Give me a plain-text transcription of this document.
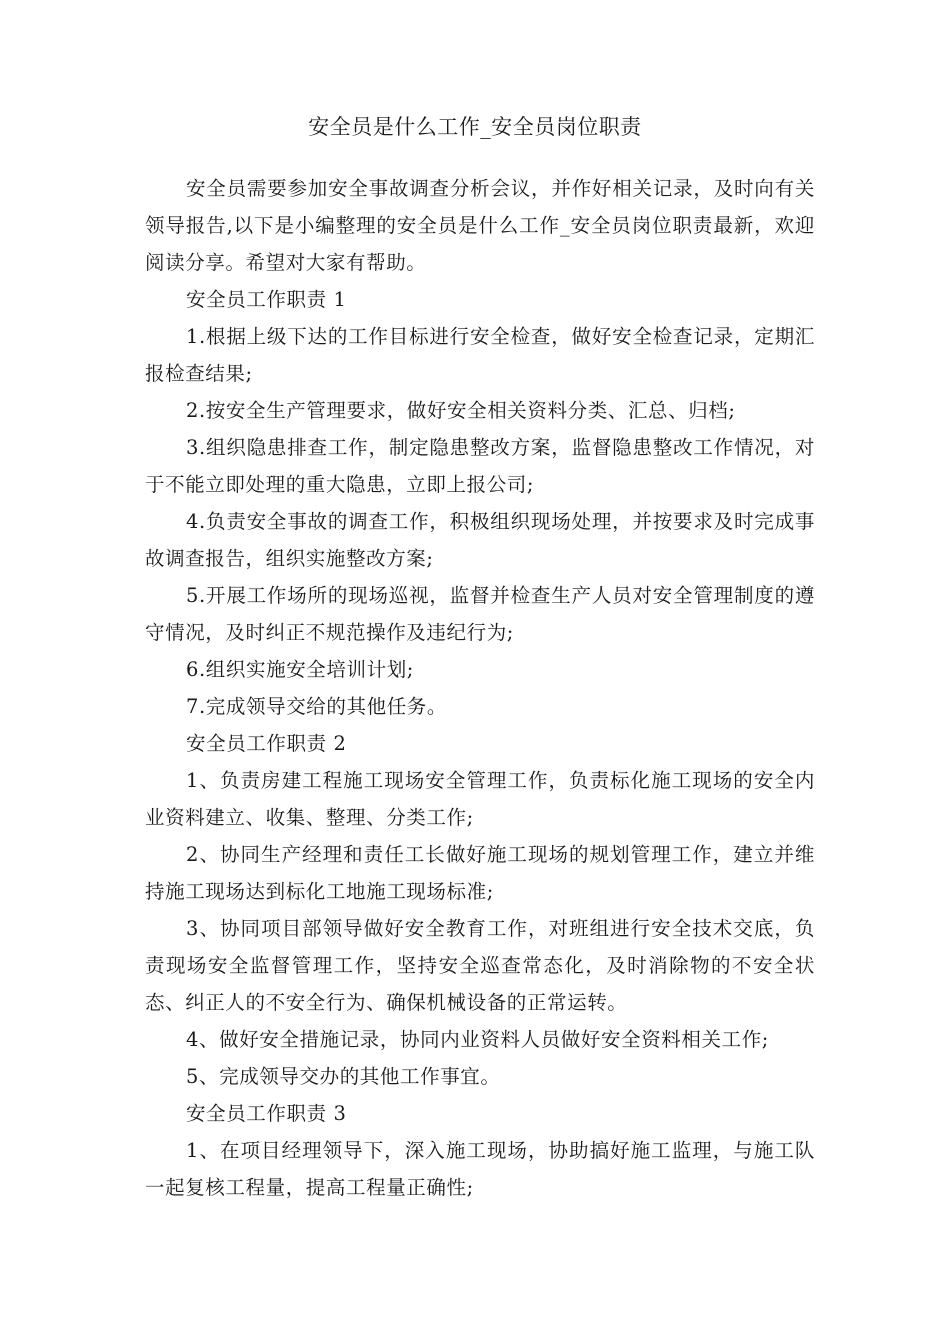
安全员是什么工作_安全员岗位职责

安全员需要参加安全事故调查分析会议，并作好相关记录，及时向有关领导报告,以下是小编整理的安全员是什么工作_安全员岗位职责最新，欢迎阅读分享。希望对大家有帮助。

安全员工作职责 1

1.根据上级下达的工作目标进行安全检查，做好安全检查记录，定期汇报检查结果;

2.按安全生产管理要求，做好安全相关资料分类、汇总、归档;

3.组织隐患排查工作，制定隐患整改方案，监督隐患整改工作情况，对于不能立即处理的重大隐患，立即上报公司;

4.负责安全事故的调查工作，积极组织现场处理，并按要求及时完成事故调查报告，组织实施整改方案;

5.开展工作场所的现场巡视，监督并检查生产人员对安全管理制度的遵守情况，及时纠正不规范操作及违纪行为;

6.组织实施安全培训计划;

7.完成领导交给的其他任务。

安全员工作职责 2

1、负责房建工程施工现场安全管理工作，负责标化施工现场的安全内业资料建立、收集、整理、分类工作;

2、协同生产经理和责任工长做好施工现场的规划管理工作，建立并维持施工现场达到标化工地施工现场标准;

3、协同项目部领导做好安全教育工作，对班组进行安全技术交底，负责现场安全监督管理工作，坚持安全巡查常态化，及时消除物的不安全状态、纠正人的不安全行为、确保机械设备的正常运转。

4、做好安全措施记录，协同内业资料人员做好安全资料相关工作;

5、完成领导交办的其他工作事宜。

安全员工作职责 3

1、在项目经理领导下，深入施工现场，协助搞好施工监理，与施工队一起复核工程量，提高工程量正确性;
